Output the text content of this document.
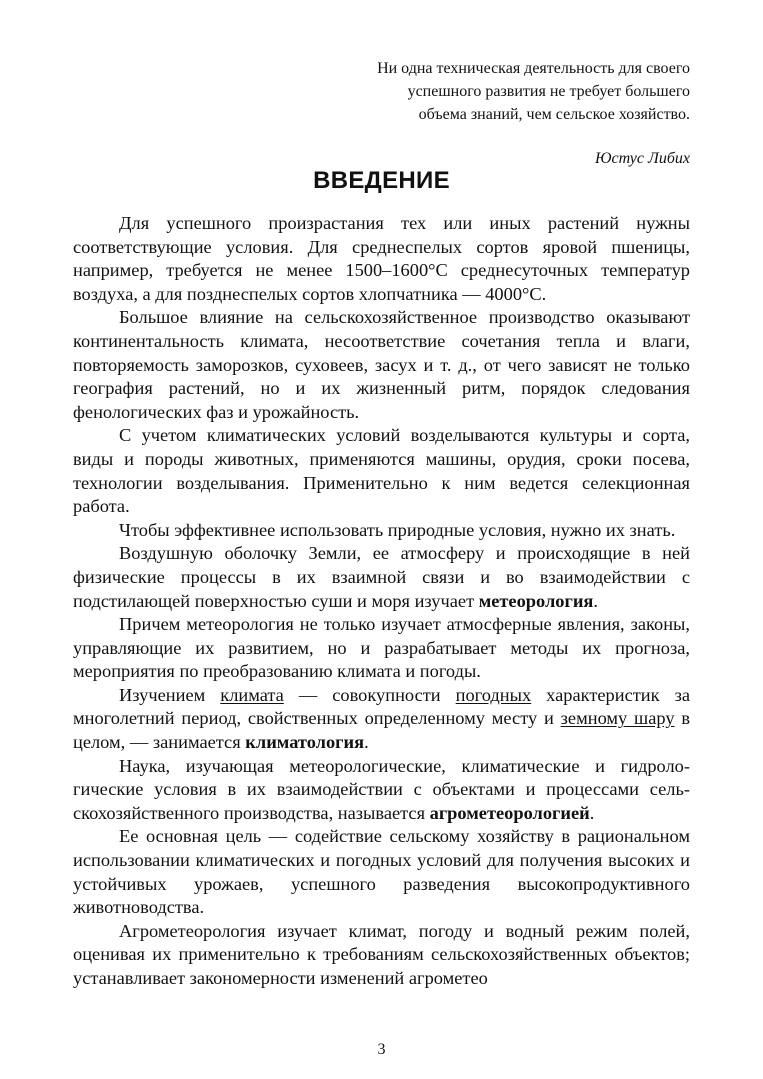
Ни одна техническая деятельность для своего успешного развития не требует большего объема знаний, чем сельское хозяйство.
Юстус Либих
ВВЕДЕНИЕ

Для успешного произрастания тех или иных растений нужны соответствующие условия. Для среднеспелых сортов яровой пшеницы, например, требуется не менее 1500–1600°С среднесуточных температур воздуха, а для позднеспелых сортов хлопчатника — 4000°С.

Большое влияние на сельскохозяйственное производство оказывают континентальность климата, несоответствие сочетания тепла и влаги, повторяемость заморозков, суховеев, засух и т. д., от чего зависят не только география растений, но и их жизненный ритм, порядок следования фенологических фаз и урожайность.

С учетом климатических условий возделываются культуры и сорта, виды и породы животных, применяются машины, орудия, сроки посева, технологии возделывания. Применительно к ним ведется селекционная работа.

Чтобы эффективнее использовать природные условия, нужно их знать.

Воздушную оболочку Земли, ее атмосферу и происходящие в ней физические процессы в их взаимной связи и во взаимодействии с подстилающей поверхностью суши и моря изучает метеорология.

Причем метеорология не только изучает атмосферные явления, законы, управляющие их развитием, но и разрабатывает методы их прогноза, мероприятия по преобразованию климата и погоды.

Изучением климата — совокупности погодных характеристик за многолетний период, свойственных определенному месту и земному шару в целом, — занимается климатология.

Наука, изучающая метеорологические, климатические и гидрологические условия в их взаимодействии с объектами и процессами сельскохозяйственного производства, называется агрометеорологией.

Ее основная цель — содействие сельскому хозяйству в рациональном использовании климатических и погодных условий для получения высоких и устойчивых урожаев, успешного разведения высокопродуктивного животноводства.

Агрометеорология изучает климат, погоду и водный режим полей, оценивая их применительно к требованиям сельскохозяйственных объектов; устанавливает закономерности изменений агрометео

3
